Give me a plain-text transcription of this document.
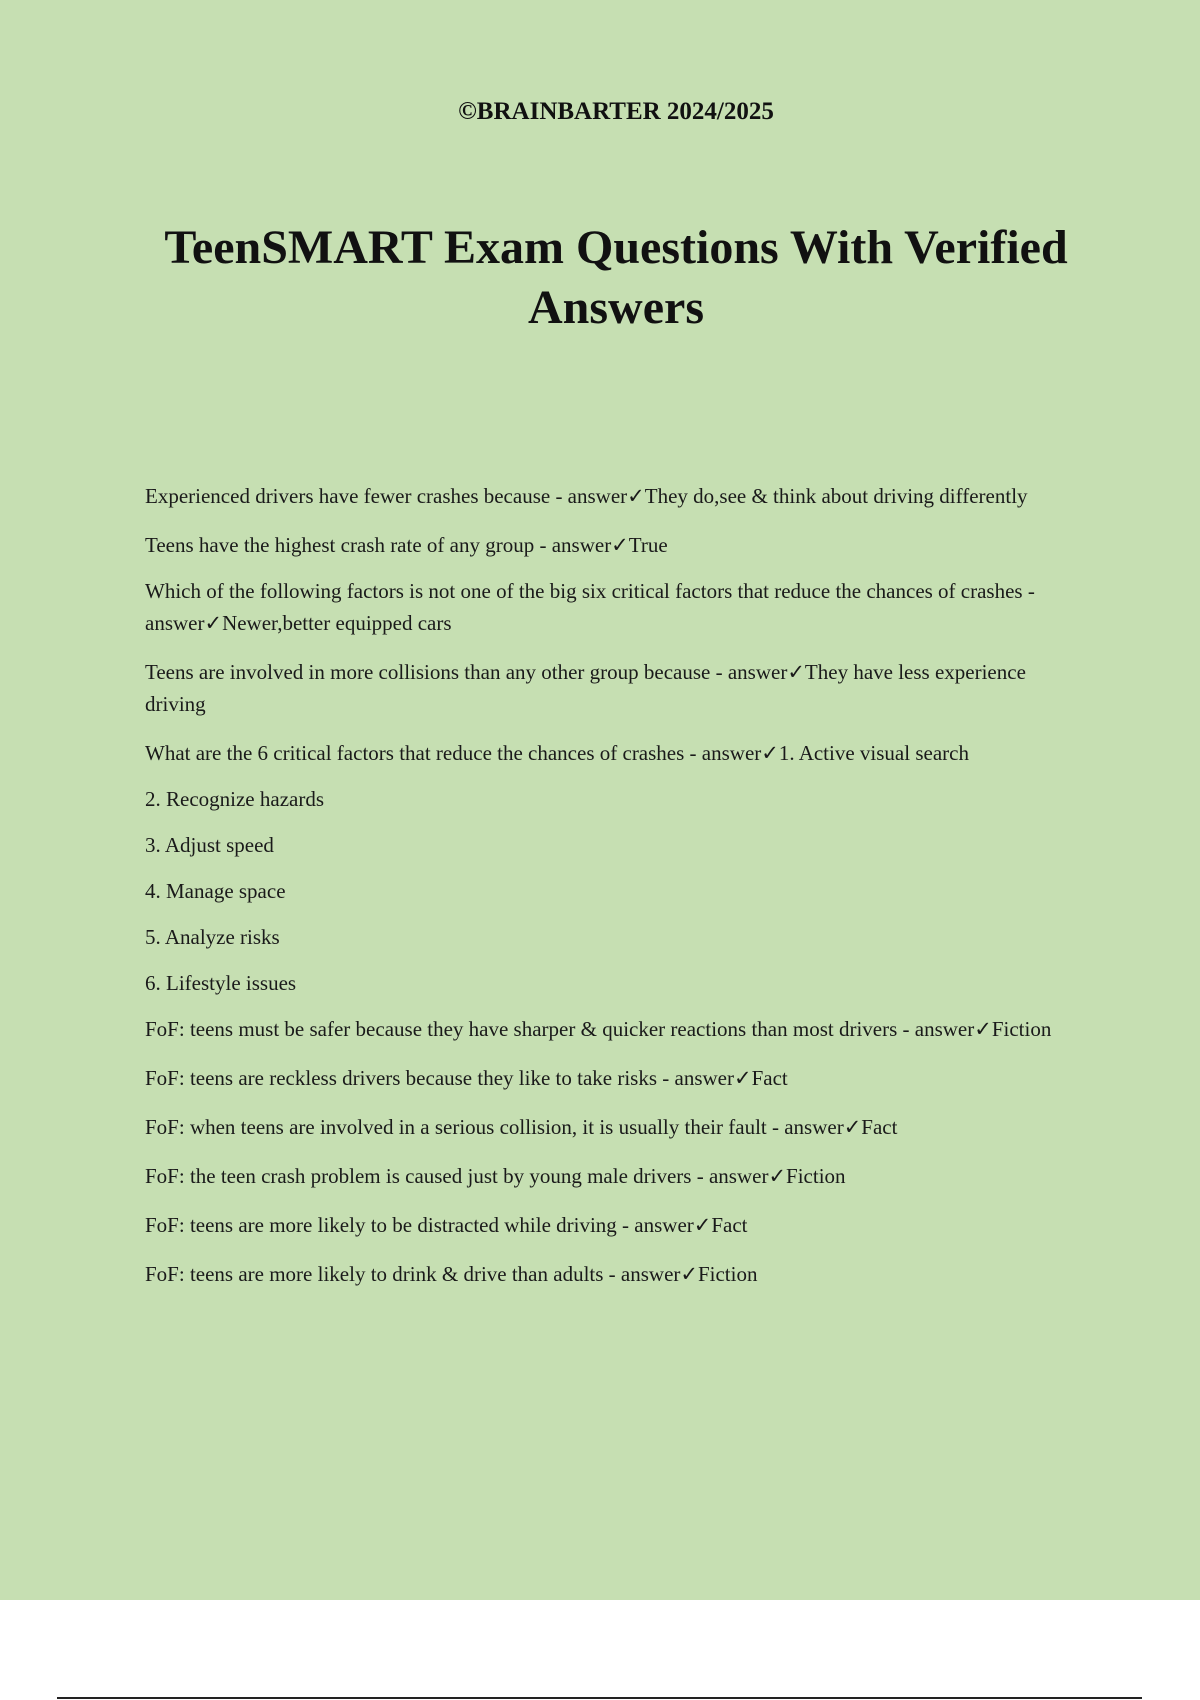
©BRAINBARTER 2024/2025
TeenSMART Exam Questions With Verified Answers
Experienced drivers have fewer crashes because - answer✓They do,see & think about driving differently
Teens have the highest crash rate of any group - answer✓True
Which of the following factors is not one of the big six critical factors that reduce the chances of crashes - answer✓Newer,better equipped cars
Teens are involved in more collisions than any other group because - answer✓They have less experience driving
What are the 6 critical factors that reduce the chances of crashes - answer✓1. Active visual search
2. Recognize hazards
3. Adjust speed
4. Manage space
5. Analyze risks
6. Lifestyle issues
FoF: teens must be safer because they have sharper & quicker reactions than most drivers - answer✓Fiction
FoF: teens are reckless drivers because they like to take risks - answer✓Fact
FoF: when teens are involved in a serious collision, it is usually their fault - answer✓Fact
FoF: the teen crash problem is caused just by young male drivers - answer✓Fiction
FoF: teens are more likely to be distracted while driving - answer✓Fact
FoF: teens are more likely to drink & drive than adults - answer✓Fiction
